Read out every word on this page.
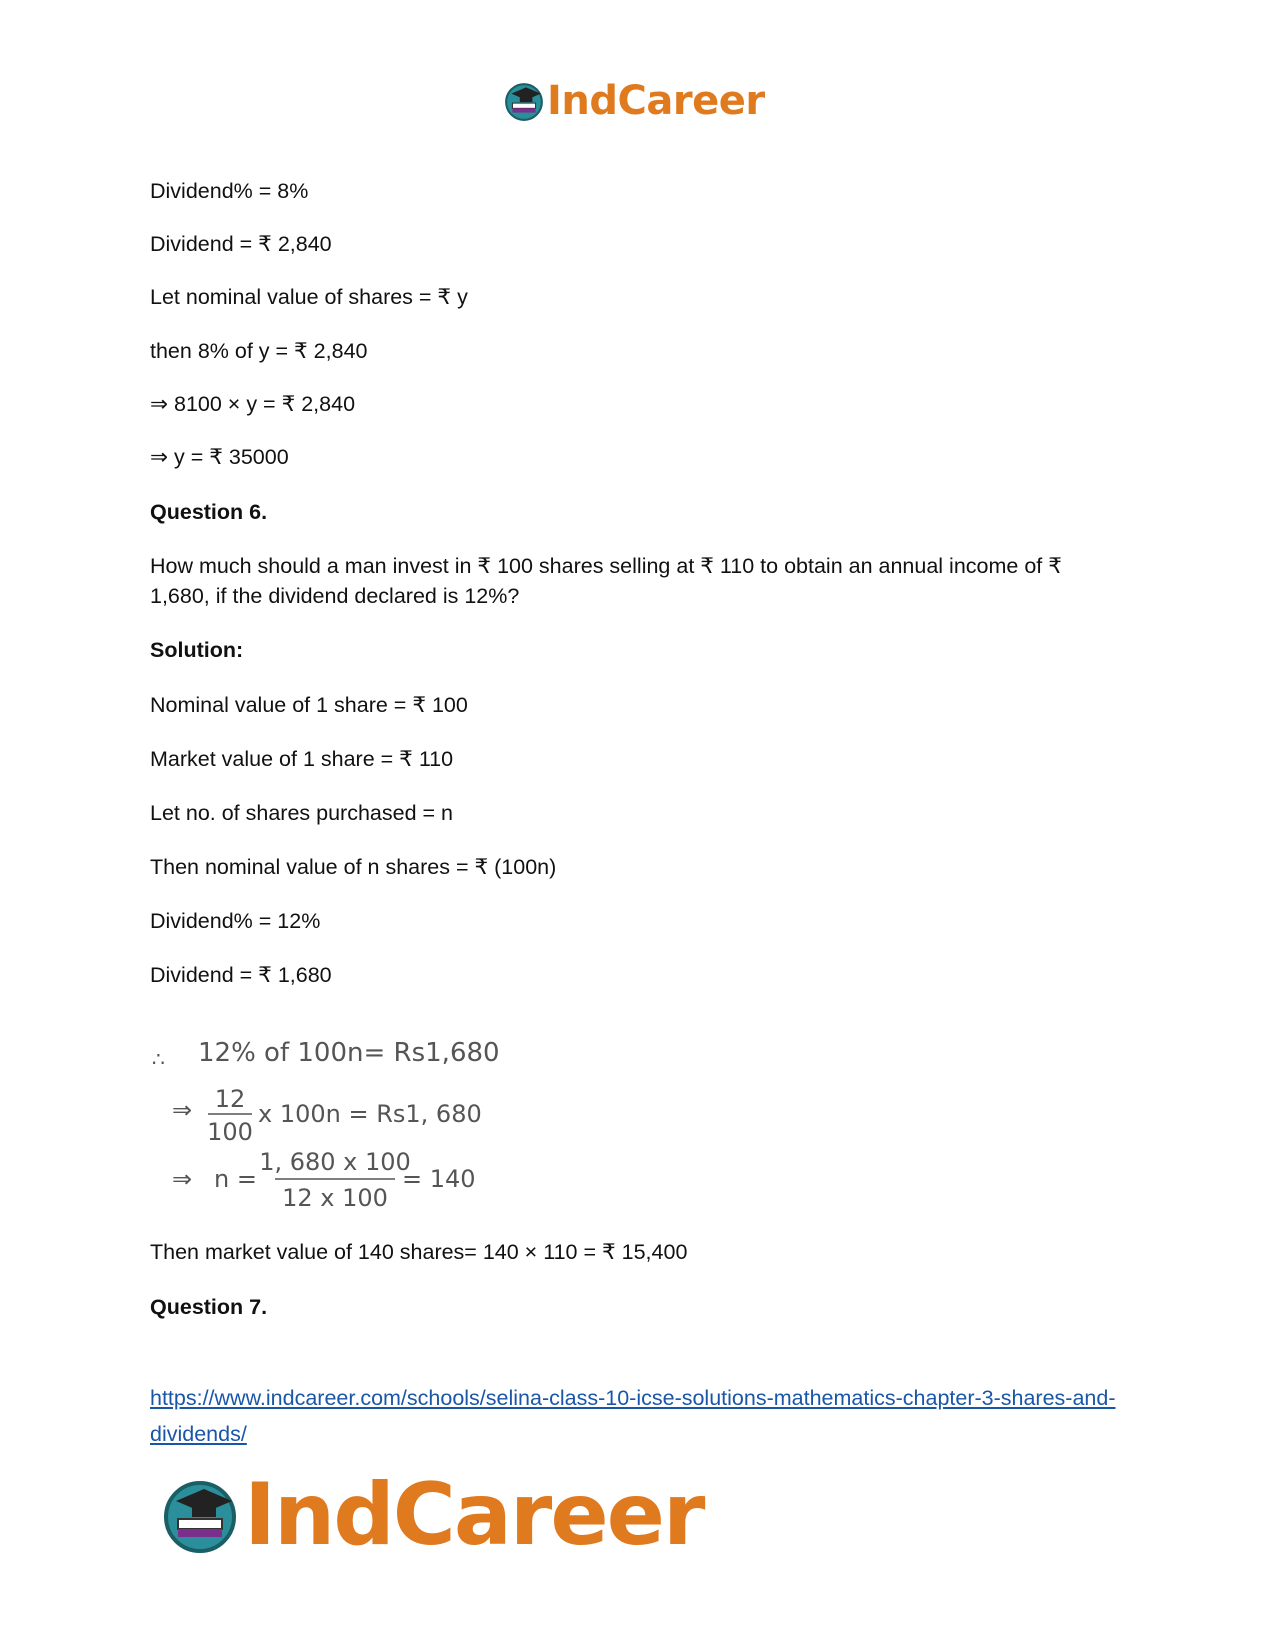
IndCareer
Dividend% = 8%
Dividend = ₹ 2,840
Let nominal value of shares = ₹ y
then 8% of y = ₹ 2,840
⇒ 8100 × y = ₹ 2,840
⇒ y = ₹ 35000
Question 6.
How much should a man invest in ₹ 100 shares selling at ₹ 110 to obtain an annual income of ₹ 1,680, if the dividend declared is 12%?
Solution:
Nominal value of 1 share = ₹ 100
Market value of 1 share = ₹ 110
Let no. of shares purchased = n
Then nominal value of n shares = ₹ (100n)
Dividend% = 12%
Dividend = ₹ 1,680
∴ 12% of 100n= Rs1,680
⇒ 12
100
x 100n = Rs1, 680
⇒ n =
1, 680 x 100
12 x 100
= 140
Then market value of 140 shares= 140 × 110 = ₹ 15,400
Question 7.
https://www.indcareer.com/schools/selina-class-10-icse-solutions-mathematics-chapter-3-shares-and-dividends/
IndCareer
